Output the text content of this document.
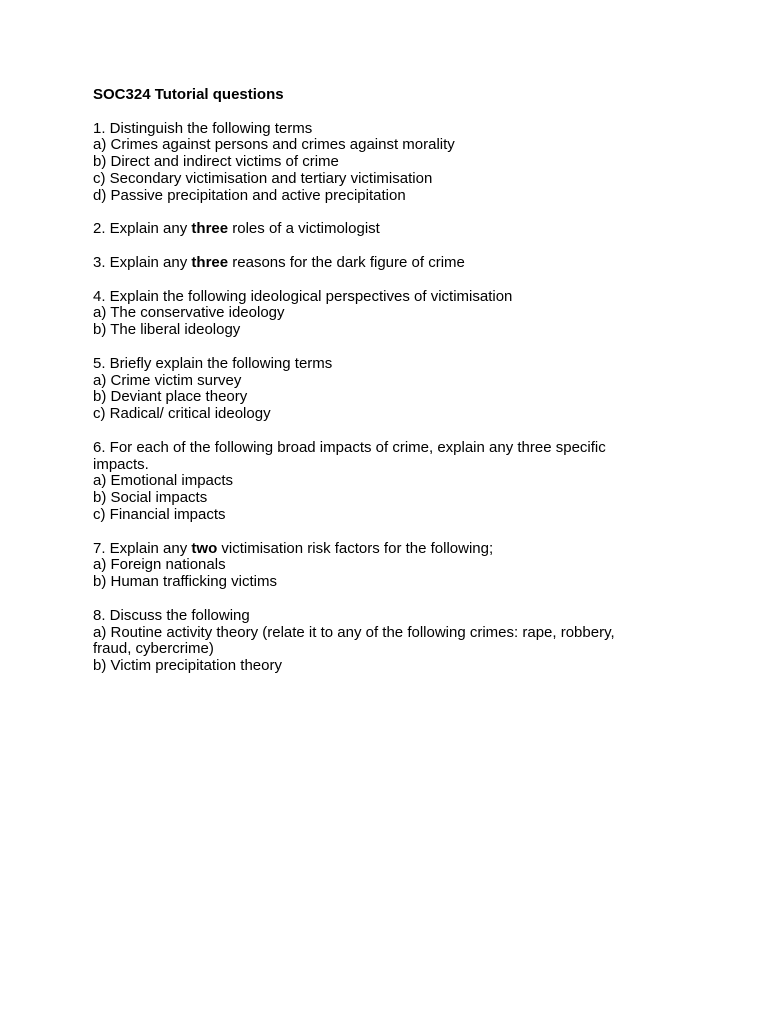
SOC324 Tutorial questions
1. Distinguish the following terms
a) Crimes against persons and crimes against morality
b) Direct and indirect victims of crime
c) Secondary victimisation and tertiary victimisation
d) Passive precipitation and active precipitation
2. Explain any three roles of a victimologist
3. Explain any three reasons for the dark figure of crime
4. Explain the following ideological perspectives of victimisation
a) The conservative ideology
b) The liberal ideology
5. Briefly explain the following terms
a) Crime victim survey
b) Deviant place theory
c) Radical/ critical ideology
6. For each of the following broad impacts of crime, explain any three specific impacts.
a) Emotional impacts
b) Social impacts
c) Financial impacts
7. Explain any two victimisation risk factors for the following;
a) Foreign nationals
b) Human trafficking victims
8. Discuss the following
a) Routine activity theory (relate it to any of the following crimes: rape, robbery, fraud, cybercrime)
b) Victim precipitation theory
